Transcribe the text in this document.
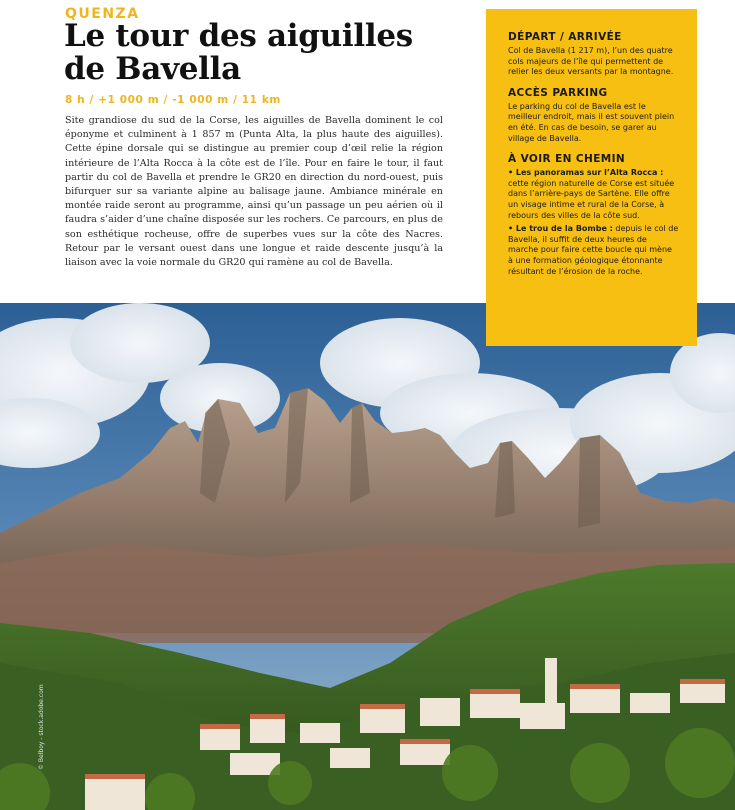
QUENZA
Le tour des aiguilles
de Bavella
8 h / +1 000 m / -1 000 m / 11 km

Site grandiose du sud de la Corse, les aiguilles de Bavella dominent le col éponyme et culminent à 1 857 m (Punta Alta, la plus haute des aiguilles). Cette épine dorsale qui se distingue au premier coup d’œil relie la région intérieure de l’Alta Rocca à la côte est de l’île. Pour en faire le tour, il faut partir du col de Bavella et prendre le GR20 en direction du nord-ouest, puis bifurquer sur sa variante alpine au balisage jaune. Ambiance minérale en montée raide seront au programme, ainsi qu’un passage un peu aérien où il faudra s’aider d’une chaîne disposée sur les rochers. Ce parcours, en plus de son esthétique rocheuse, offre de superbes vues sur la côte des Nacres. Retour par le versant ouest dans une longue et raide descente jusqu’à la liaison avec la voie normale du GR20 qui ramène au col de Bavella.

DÉPART / ARRIVÉE

Col de Bavella (1 217 m), l’un des quatre cols majeurs de l’île qui permettent de relier les deux versants par la montagne.

ACCÈS PARKING

Le parking du col de Bavella est le meilleur endroit, mais il est souvent plein en été. En cas de besoin, se garer au village de Bavella.

À VOIR EN CHEMIN
• Les panoramas sur l’Alta Rocca : cette région naturelle de Corse est située dans l’arrière-pays de Sartène. Elle offre un visage intime et rural de la Corse, à rebours des villes de la côte sud.
• Le trou de la Bombe : depuis le col de Bavella, il suffit de deux heures de marche pour faire cette boucle qui mène à une formation géologique étonnante résultant de l’érosion de la roche.
© Belboy - stock.adobe.com
